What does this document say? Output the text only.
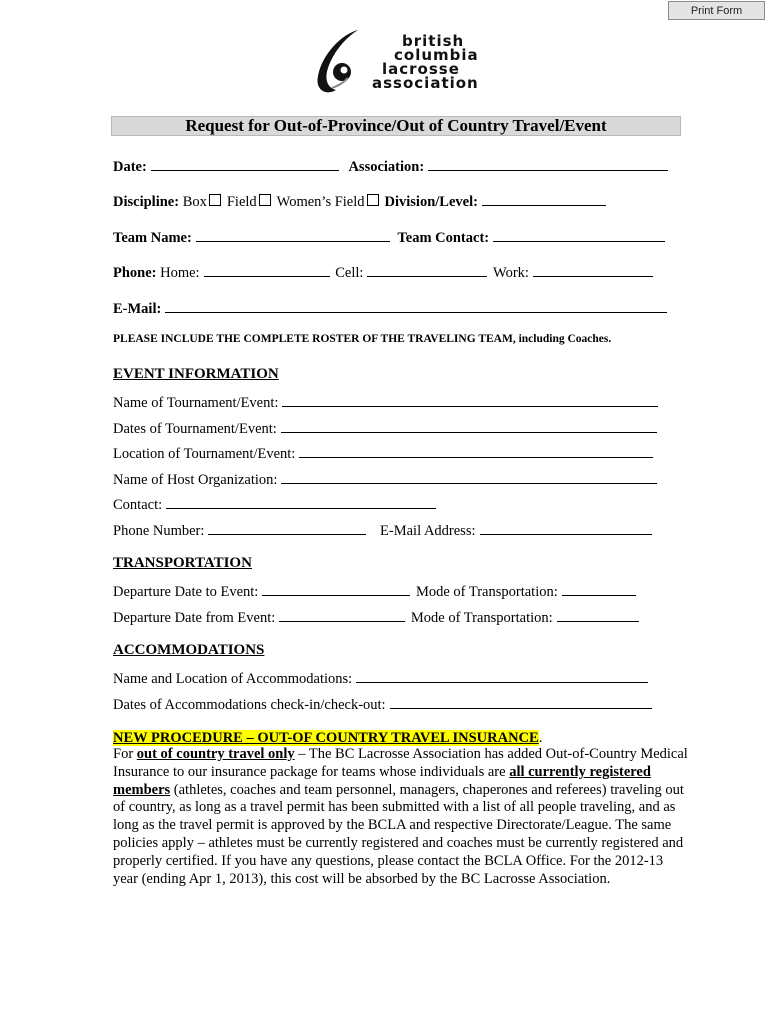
Print Form
british
columbia
lacrosse
association
Request for Out-of-Province/Out of Country Travel/Event
Date:	Association:
Discipline: Box Field Women’s Field Division/Level:
Team Name:	Team Contact:
Phone: Home:	Cell:	Work:
E-Mail:
PLEASE INCLUDE THE COMPLETE ROSTER OF THE TRAVELING TEAM, including Coaches.
EVENT INFORMATION
Name of Tournament/Event:
Dates of Tournament/Event:
Location of Tournament/Event:
Name of Host Organization:
Contact:
Phone Number:	E-Mail Address:
TRANSPORTATION
Departure Date to Event:	Mode of Transportation:
Departure Date from Event:	Mode of Transportation:
ACCOMMODATIONS
Name and Location of Accommodations:
Dates of Accommodations check-in/check-out:
NEW PROCEDURE – OUT-OF COUNTRY TRAVEL INSURANCE.
For out of country travel only – The BC Lacrosse Association has added Out-of-Country Medical Insurance to our insurance package for teams whose individuals are all currently registered members (athletes, coaches and team personnel, managers, chaperones and referees) traveling out of country, as long as a travel permit has been submitted with a list of all people traveling, and as long as the travel permit is approved by the BCLA and respective Directorate/League. The same policies apply – athletes must be currently registered and coaches must be currently registered and properly certified. If you have any questions, please contact the BCLA Office. For the 2012-13 year (ending Apr 1, 2013), this cost will be absorbed by the BC Lacrosse Association.
